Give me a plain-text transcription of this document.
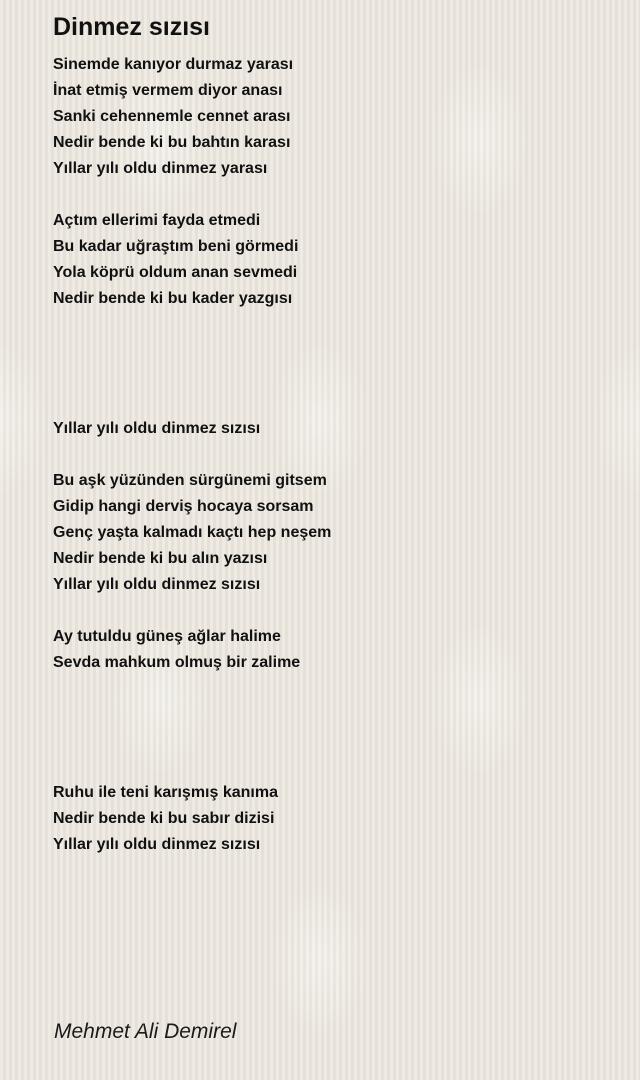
Dinmez sızısı
Sinemde kanıyor durmaz yarası
İnat etmiş vermem diyor anası
Sanki cehennemle cennet arası
Nedir bende ki bu bahtın karası
Yıllar yılı oldu dinmez yarası
Açtım ellerimi fayda etmedi
Bu kadar uğraştım beni görmedi
Yola köprü oldum anan sevmedi
Nedir bende ki bu kader yazgısı
Yıllar yılı oldu dinmez sızısı
Bu aşk yüzünden sürgünemi gitsem
Gidip hangi derviş hocaya sorsam
Genç yaşta kalmadı kaçtı hep neşem
Nedir bende ki bu alın yazısı
Yıllar yılı oldu dinmez sızısı
Ay tutuldu güneş ağlar halime
Sevda mahkum olmuş bir zalime
Ruhu ile teni karışmış kanıma
Nedir bende ki bu sabır dizisi
Yıllar yılı oldu dinmez sızısı
Mehmet Ali Demirel
